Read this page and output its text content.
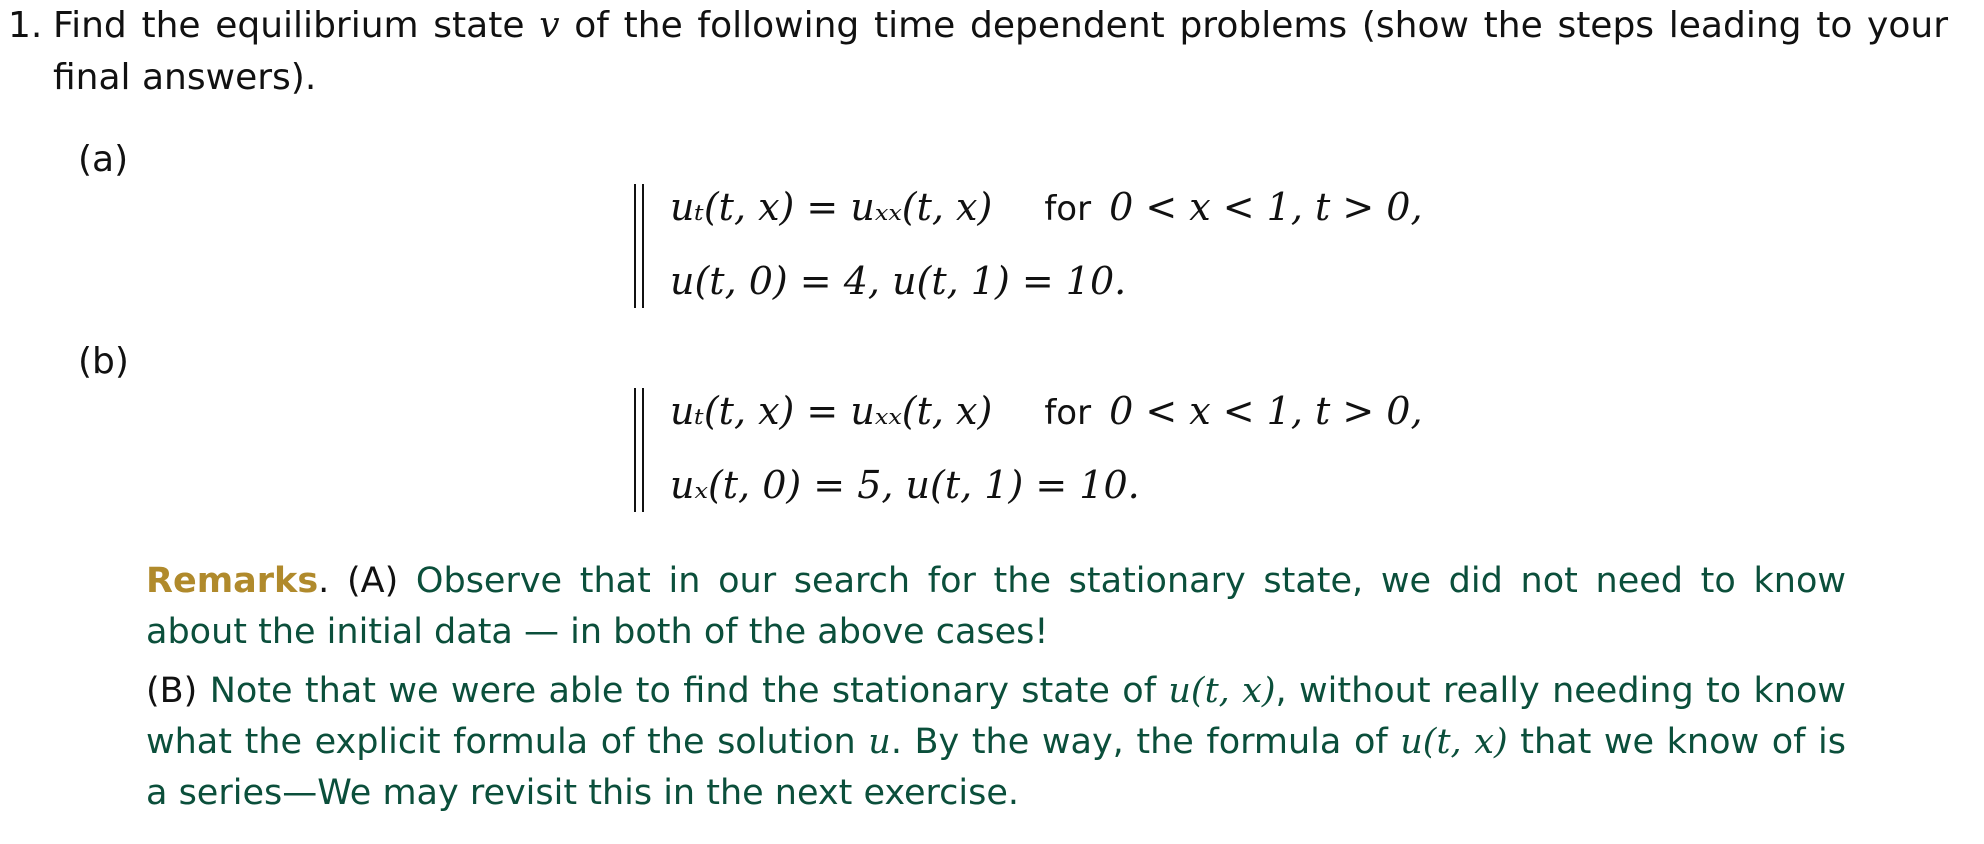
1. Find the equilibrium state v of the following time dependent problems (show the steps leading to your final answers).
(a)
uₜ(t, x) = uₓₓ(t, x) for 0 < x < 1, t > 0,
u(t, 0) = 4, u(t, 1) = 10.
(b)
uₜ(t, x) = uₓₓ(t, x) for 0 < x < 1, t > 0,
uₓ(t, 0) = 5, u(t, 1) = 10.
Remarks. (A) Observe that in our search for the stationary state, we did not need to know about the initial data — in both of the above cases!
(B) Note that we were able to find the stationary state of u(t, x), without really needing to know what the explicit formula of the solution u. By the way, the formula of u(t, x) that we know of is a series—We may revisit this in the next exercise.
